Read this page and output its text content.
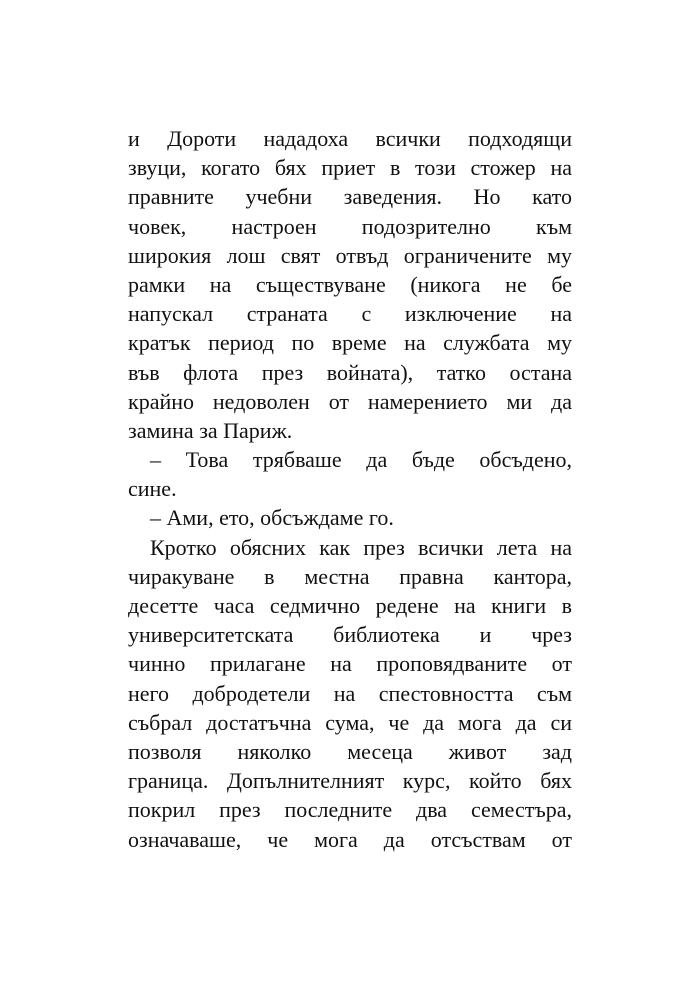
и Дороти нададоха всички подходящи
звуци, когато бях приет в този стожер на
правните учебни заведения. Но като
човек, настроен подозрително към
широкия лош свят отвъд ограничените му
рамки на съществуване (никога не бе
напускал страната с изключение на
кратък период по време на службата му
във флота през войната), татко остана
крайно недоволен от намерението ми да
замина за Париж.
– Това трябваше да бъде обсъдено,
сине.
– Ами, ето, обсъждаме го.
Кротко обясних как през всички лета на
чиракуване в местна правна кантора,
десетте часа седмично редене на книги в
университетската библиотека и чрез
чинно прилагане на проповядваните от
него добродетели на спестовността съм
събрал достатъчна сума, че да мога да си
позволя няколко месеца живот зад
граница. Допълнителният курс, който бях
покрил през последните два семестъра,
означаваше, че мога да отсъствам от
